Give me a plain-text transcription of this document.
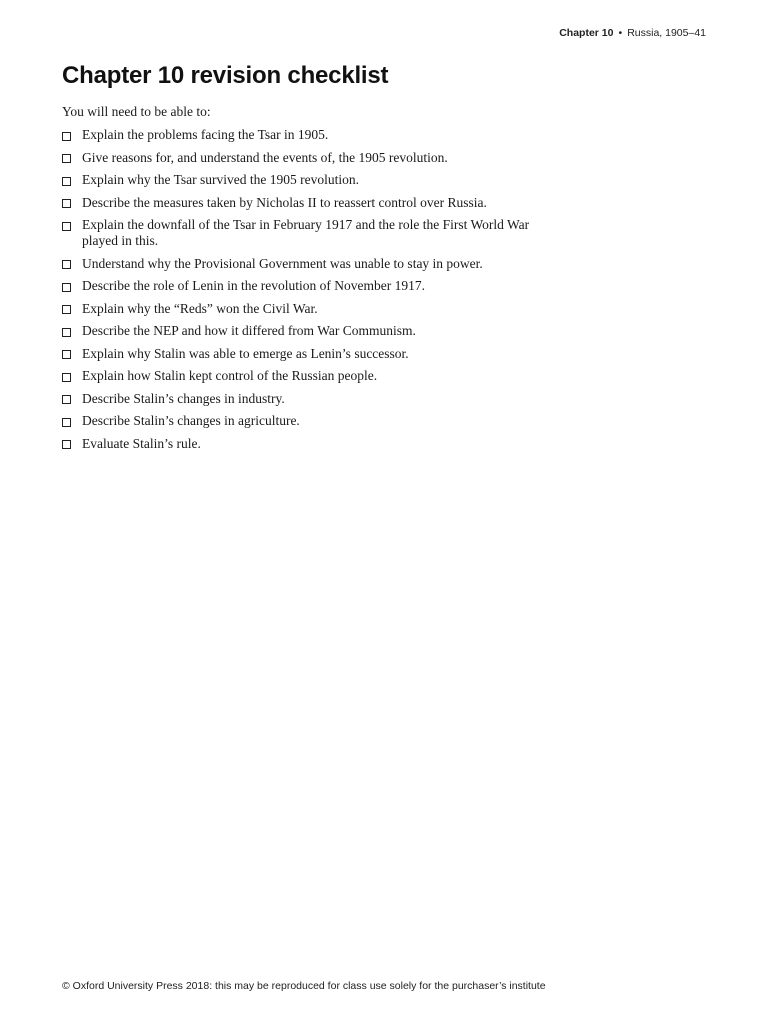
Chapter 10 • Russia, 1905–41
Chapter 10 revision checklist
You will need to be able to:
Explain the problems facing the Tsar in 1905.
Give reasons for, and understand the events of, the 1905 revolution.
Explain why the Tsar survived the 1905 revolution.
Describe the measures taken by Nicholas II to reassert control over Russia.
Explain the downfall of the Tsar in February 1917 and the role the First World War played in this.
Understand why the Provisional Government was unable to stay in power.
Describe the role of Lenin in the revolution of November 1917.
Explain why the “Reds” won the Civil War.
Describe the NEP and how it differed from War Communism.
Explain why Stalin was able to emerge as Lenin’s successor.
Explain how Stalin kept control of the Russian people.
Describe Stalin’s changes in industry.
Describe Stalin’s changes in agriculture.
Evaluate Stalin’s rule.
© Oxford University Press 2018: this may be reproduced for class use solely for the purchaser’s institute
